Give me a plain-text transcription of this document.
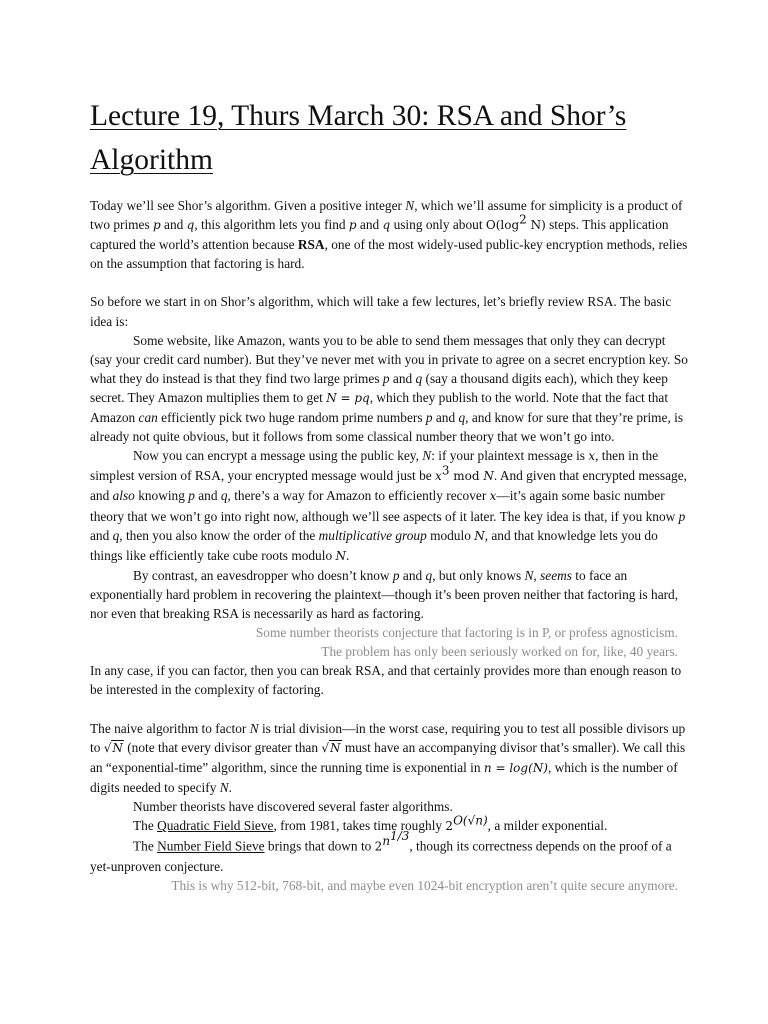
Lecture 19, Thurs March 30: RSA and Shor’s Algorithm

Today we’ll see Shor’s algorithm. Given a positive integer N, which we’ll assume for simplicity is a product of two primes p and q, this algorithm lets you find p and q using only about $O(\log^2$ N) steps. This application captured the world’s attention because RSA, one of the most widely-used public-key encryption methods, relies on the assumption that factoring is hard.

So before we start in on Shor’s algorithm, which will take a few lectures, let’s briefly review RSA. The basic idea is:

Some website, like Amazon, wants you to be able to send them messages that only they can decrypt (say your credit card number). But they’ve never met with you in private to agree on a secret encryption key. So what they do instead is that they find two large primes p and q (say a thousand digits each), which they keep secret. They Amazon multiplies them to get N = pq, which they publish to the world. Note that the fact that Amazon can efficiently pick two huge random prime numbers p and q, and know for sure that they’re prime, is already not quite obvious, but it follows from some classical number theory that we won’t go into.

Now you can encrypt a message using the public key, N: if your plaintext message is x, then in the simplest version of RSA, your encrypted message would just be $x^3$ mod N. And given that encrypted message, and also knowing p and q, there’s a way for Amazon to efficiently recover x—it’s again some basic number theory that we won’t go into right now, although we’ll see aspects of it later. The key idea is that, if you know p and q, then you also know the order of the multiplicative group modulo N, and that knowledge lets you do things like efficiently take cube roots modulo N.

By contrast, an eavesdropper who doesn’t know p and q, but only knows N, seems to face an exponentially hard problem in recovering the plaintext—though it’s been proven neither that factoring is hard, nor even that breaking RSA is necessarily as hard as factoring.

Some number theorists conjecture that factoring is in P, or profess agnosticism.

The problem has only been seriously worked on for, like, 40 years.

In any case, if you can factor, then you can break RSA, and that certainly provides more than enough reason to be interested in the complexity of factoring.

The naive algorithm to factor N is trial division—in the worst case, requiring you to test all possible divisors up to √N (note that every divisor greater than √N must have an accompanying divisor that’s smaller). We call this an “exponential-time” algorithm, since the running time is exponential in n = log(N), which is the number of digits needed to specify N.

Number theorists have discovered several faster algorithms.

The Quadratic Field Sieve, from 1981, takes time roughly $2^{O(√n)}$, a milder exponential.

The Number Field Sieve brings that down to $2^{n^{1/3}}$, though its correctness depends on the proof of a yet-unproven conjecture.

This is why 512-bit, 768-bit, and maybe even 1024-bit encryption aren’t quite secure anymore.
